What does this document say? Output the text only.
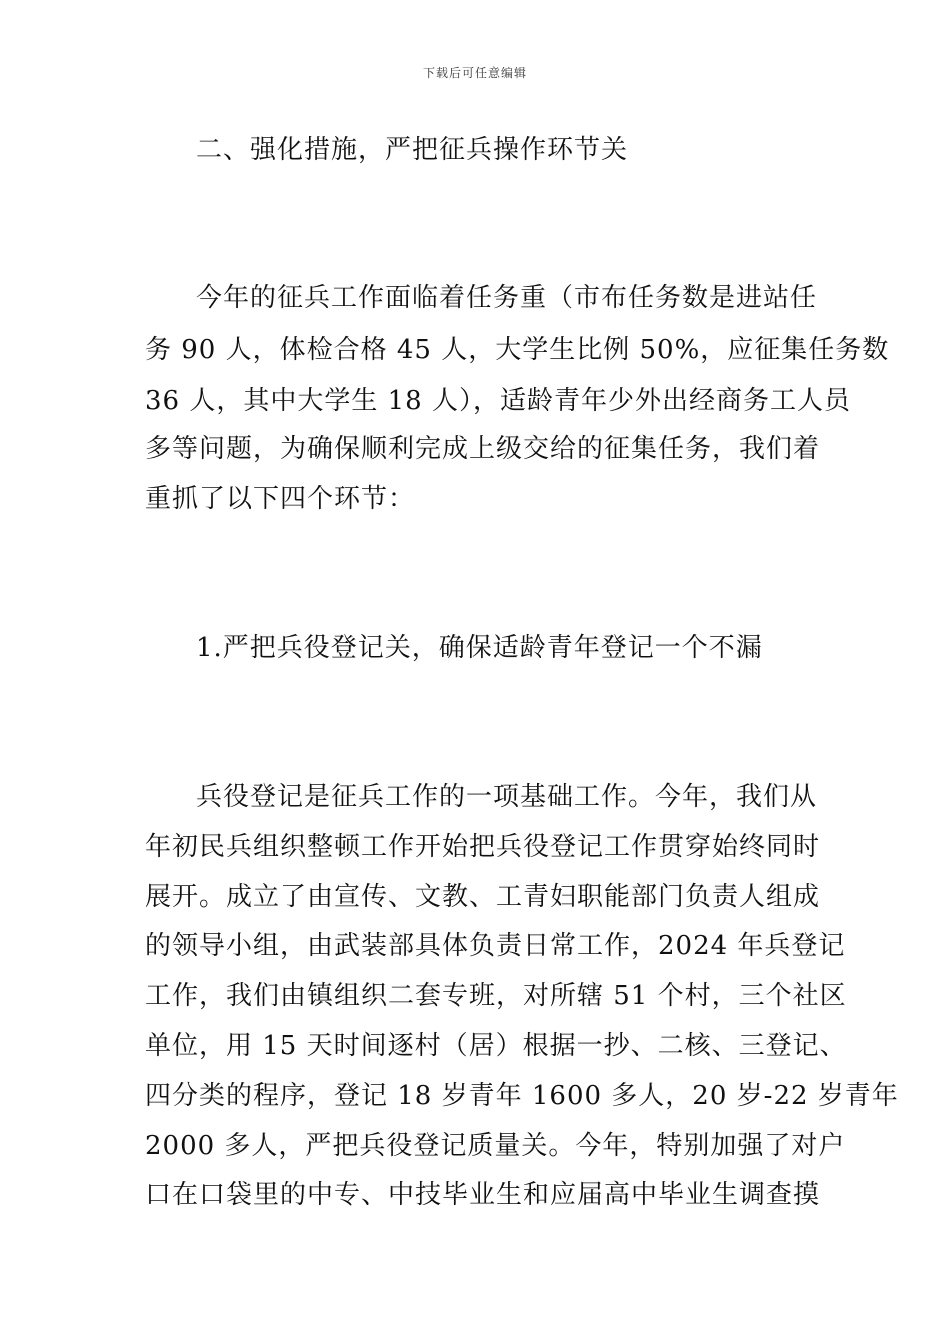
下载后可任意编辑
二、强化措施，严把征兵操作环节关
今年的征兵工作面临着任务重（市布任务数是进站任
务 90 人，体检合格 45 人，大学生比例 50%，应征集任务数
36 人，其中大学生 18 人），适龄青年少外出经商务工人员
多等问题，为确保顺利完成上级交给的征集任务，我们着
重抓了以下四个环节：
1.严把兵役登记关，确保适龄青年登记一个不漏
兵役登记是征兵工作的一项基础工作。今年，我们从
年初民兵组织整顿工作开始把兵役登记工作贯穿始终同时
展开。成立了由宣传、文教、工青妇职能部门负责人组成
的领导小组，由武装部具体负责日常工作，2024 年兵登记
工作，我们由镇组织二套专班，对所辖 51 个村，三个社区
单位，用 15 天时间逐村（居）根据一抄、二核、三登记、
四分类的程序，登记 18 岁青年 1600 多人，20 岁-22 岁青年
2000 多人，严把兵役登记质量关。今年，特别加强了对户
口在口袋里的中专、中技毕业生和应届高中毕业生调查摸
